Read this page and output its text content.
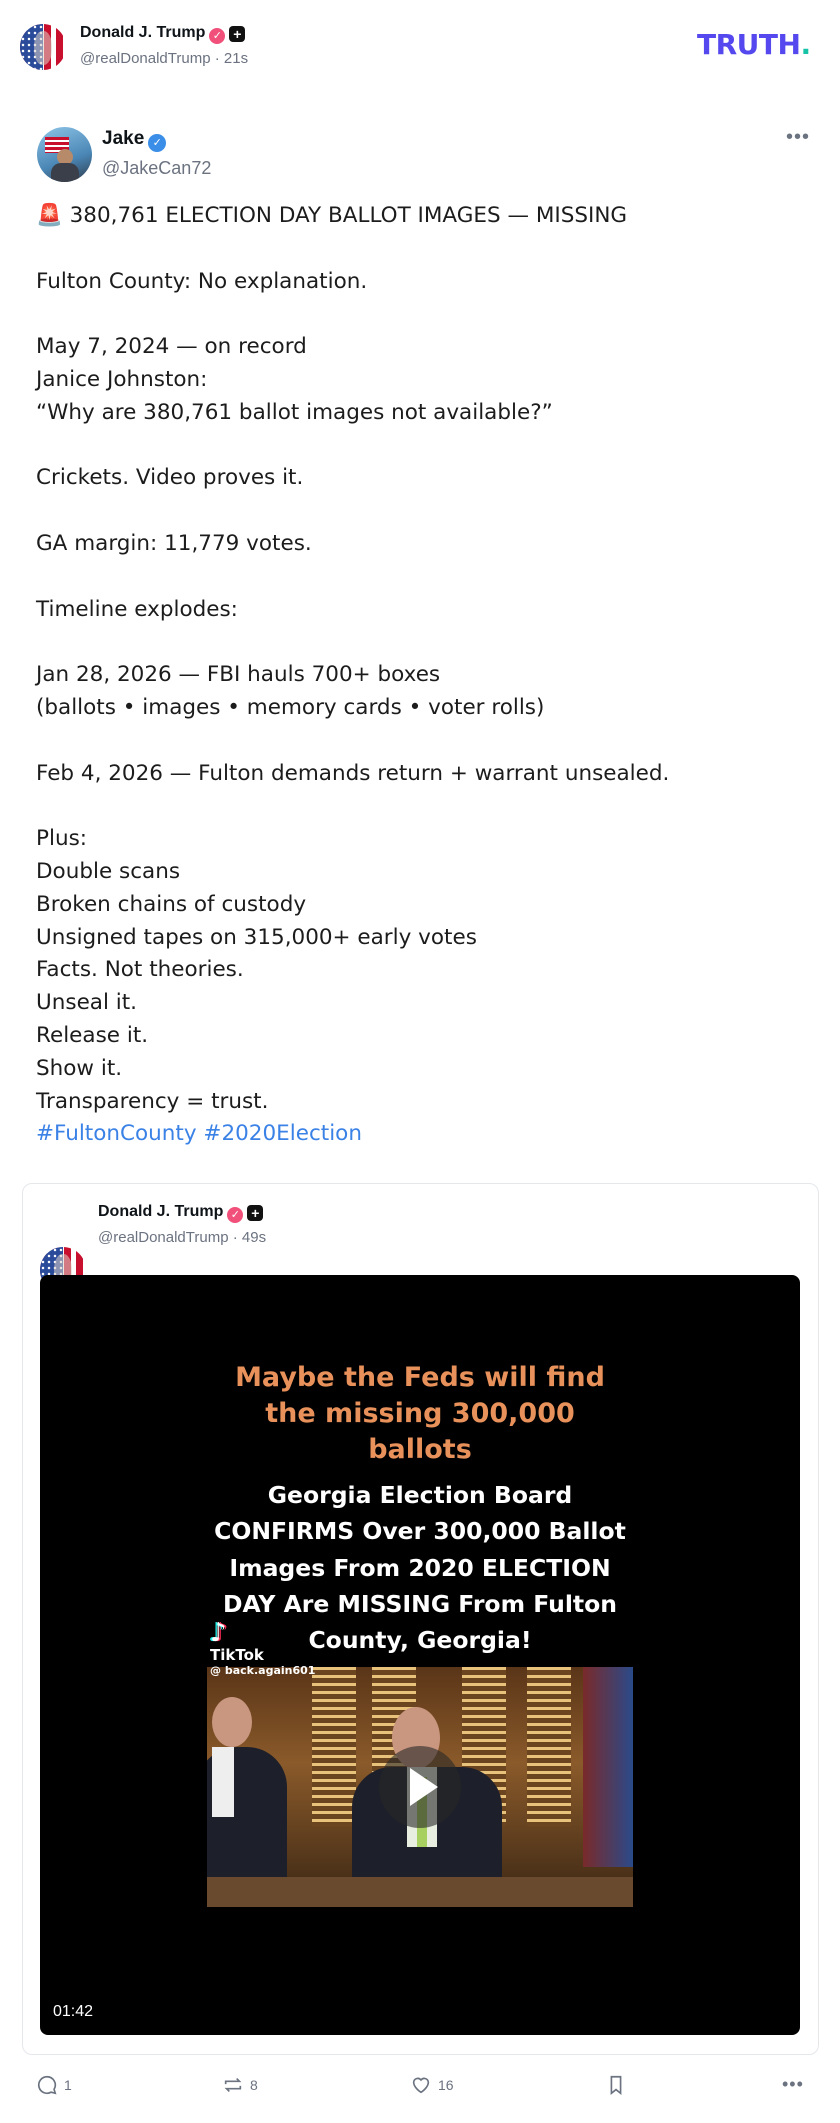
Donald J. Trump ✓ +
@realDonaldTrump · 21s	TRUTH.
Jake ✓
@JakeCan72
•••
🚨 380,761 ELECTION DAY BALLOT IMAGES — MISSING
Fulton County: No explanation.
May 7, 2024 — on record
Janice Johnston:
“Why are 380,761 ballot images not available?”
Crickets. Video proves it.
GA margin: 11,779 votes.
Timeline explodes:
Jan 28, 2026 — FBI hauls 700+ boxes
(ballots • images • memory cards • voter rolls)
Feb 4, 2026 — Fulton demands return + warrant unsealed.
Plus:
Double scans
Broken chains of custody
Unsigned tapes on 315,000+ early votes
Facts. Not theories.
Unseal it.
Release it.
Show it.
Transparency = trust.
#FultonCounty #2020Election
Donald J. Trump ✓ +
@realDonaldTrump · 49s
Maybe the Feds will find
the missing 300,000
ballots
Georgia Election Board
CONFIRMS Over 300,000 Ballot
Images From 2020 ELECTION
DAY Are MISSING From Fulton
County, Georgia!
♪
TikTok
@ back.again601
01:42
1	8	16	•••
